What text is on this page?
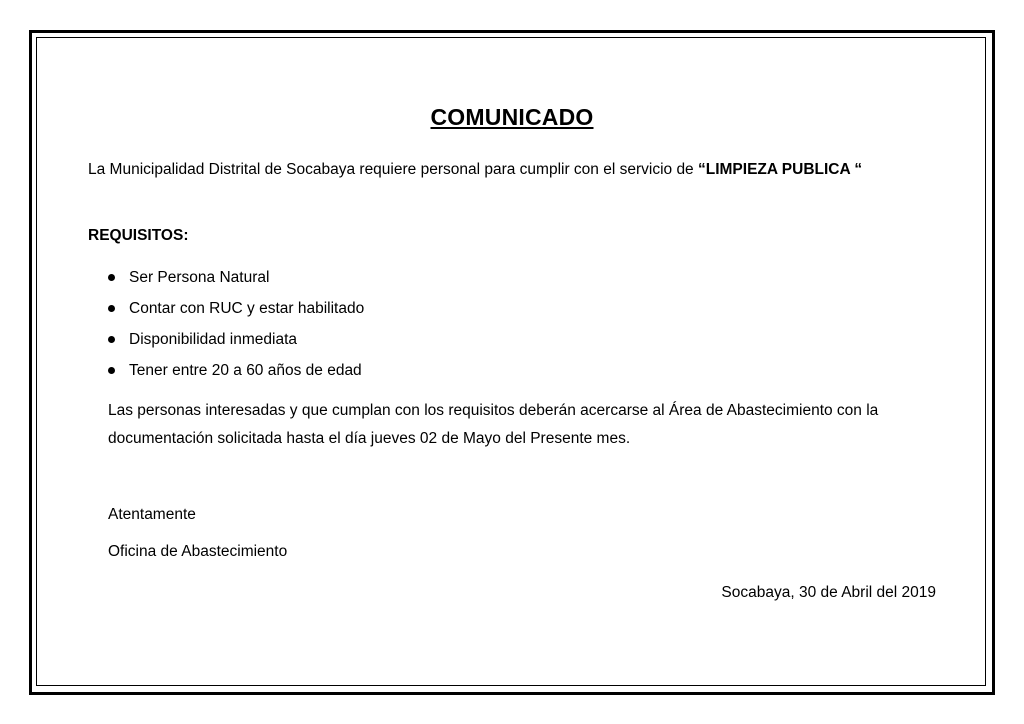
COMUNICADO
La Municipalidad Distrital de Socabaya requiere personal para cumplir con el servicio de “LIMPIEZA PUBLICA “
REQUISITOS:
Ser Persona Natural
Contar con RUC y estar habilitado
Disponibilidad inmediata
Tener entre 20 a 60 años de edad
Las personas interesadas y que cumplan con los requisitos deberán acercarse al Área de Abastecimiento con la documentación solicitada hasta el día jueves 02 de Mayo del Presente mes.
Atentamente
Oficina de Abastecimiento
Socabaya, 30 de Abril del 2019
